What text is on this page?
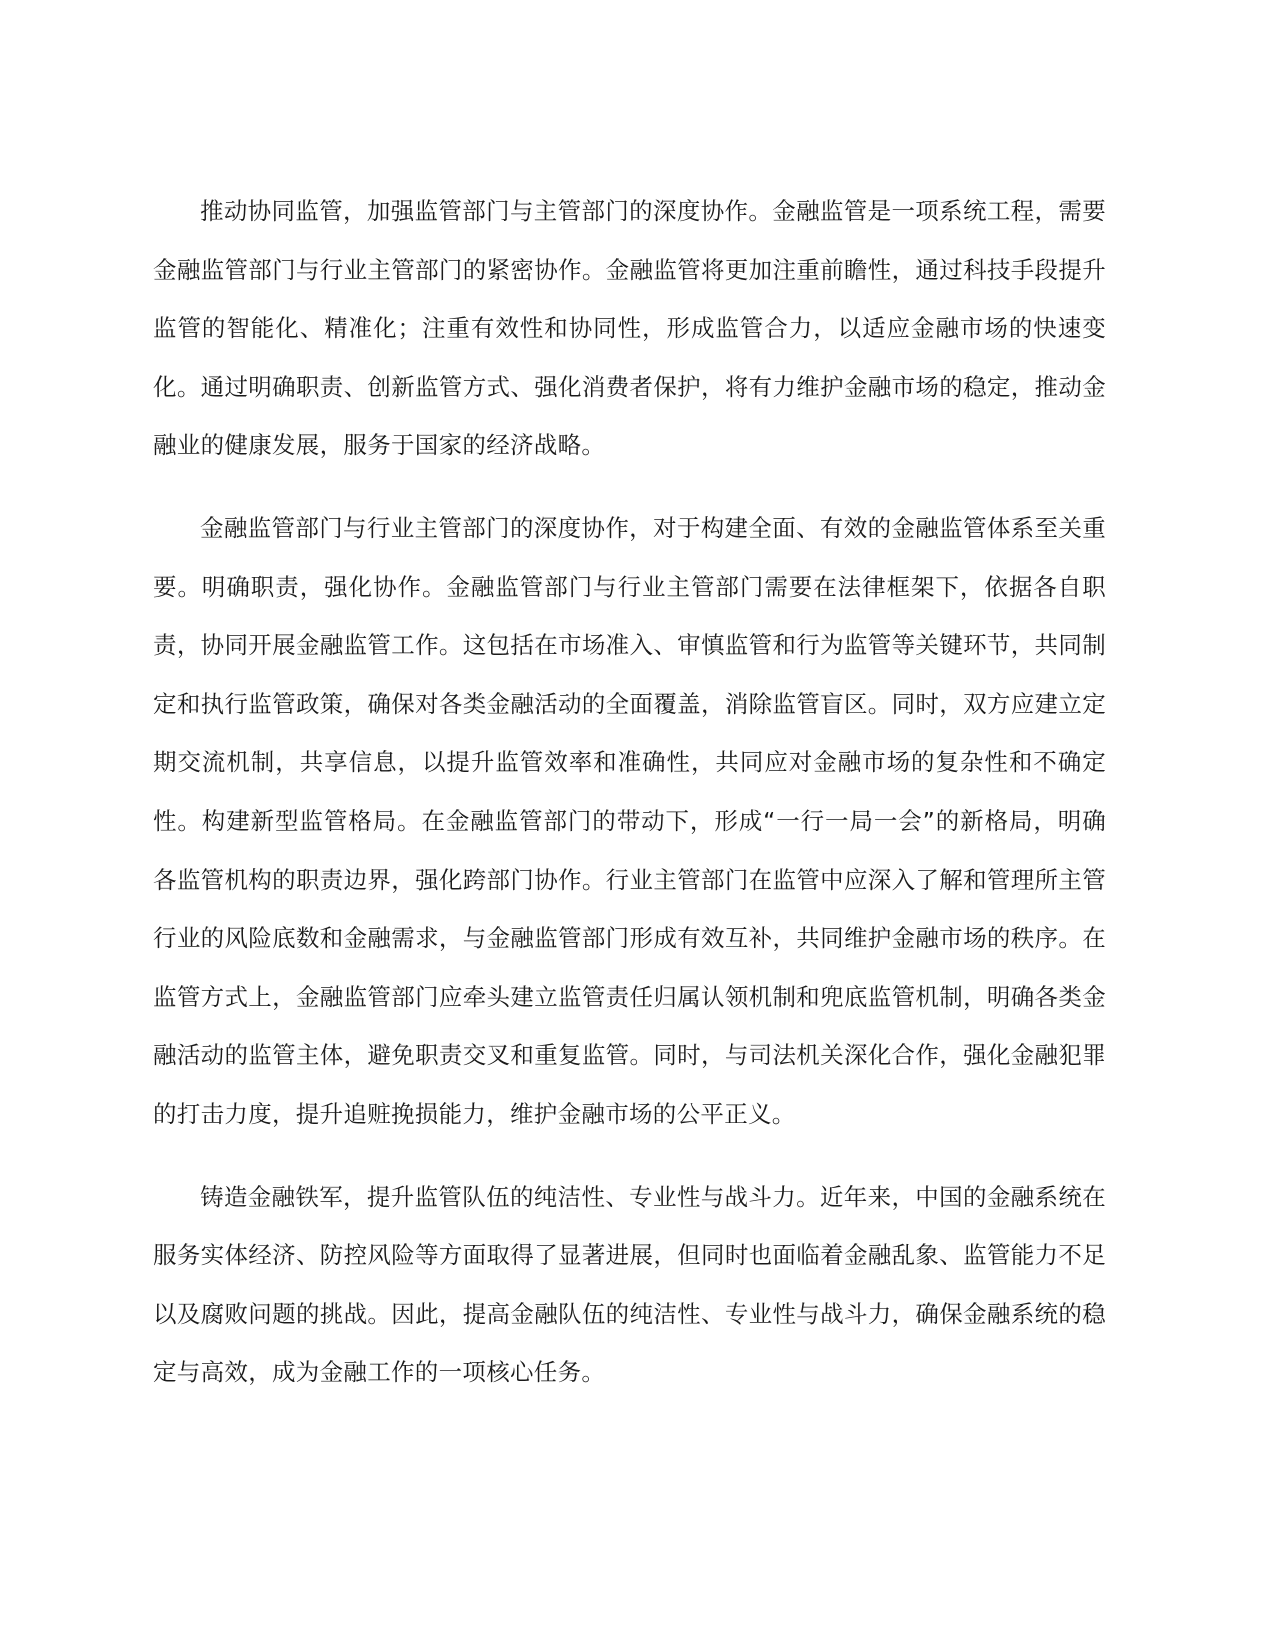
推动协同监管，加强监管部门与主管部门的深度协作。金融监管是一项系统工程，需要金融监管部门与行业主管部门的紧密协作。金融监管将更加注重前瞻性，通过科技手段提升监管的智能化、精准化；注重有效性和协同性，形成监管合力，以适应金融市场的快速变化。通过明确职责、创新监管方式、强化消费者保护，将有力维护金融市场的稳定，推动金融业的健康发展，服务于国家的经济战略。

金融监管部门与行业主管部门的深度协作，对于构建全面、有效的金融监管体系至关重要。明确职责，强化协作。金融监管部门与行业主管部门需要在法律框架下，依据各自职责，协同开展金融监管工作。这包括在市场准入、审慎监管和行为监管等关键环节，共同制定和执行监管政策，确保对各类金融活动的全面覆盖，消除监管盲区。同时，双方应建立定期交流机制，共享信息，以提升监管效率和准确性，共同应对金融市场的复杂性和不确定性。构建新型监管格局。在金融监管部门的带动下，形成“一行一局一会”的新格局，明确各监管机构的职责边界，强化跨部门协作。行业主管部门在监管中应深入了解和管理所主管行业的风险底数和金融需求，与金融监管部门形成有效互补，共同维护金融市场的秩序。在监管方式上，金融监管部门应牵头建立监管责任归属认领机制和兜底监管机制，明确各类金融活动的监管主体，避免职责交叉和重复监管。同时，与司法机关深化合作，强化金融犯罪的打击力度，提升追赃挽损能力，维护金融市场的公平正义。

铸造金融铁军，提升监管队伍的纯洁性、专业性与战斗力。近年来，中国的金融系统在服务实体经济、防控风险等方面取得了显著进展，但同时也面临着金融乱象、监管能力不足以及腐败问题的挑战。因此，提高金融队伍的纯洁性、专业性与战斗力，确保金融系统的稳定与高效，成为金融工作的一项核心任务。
